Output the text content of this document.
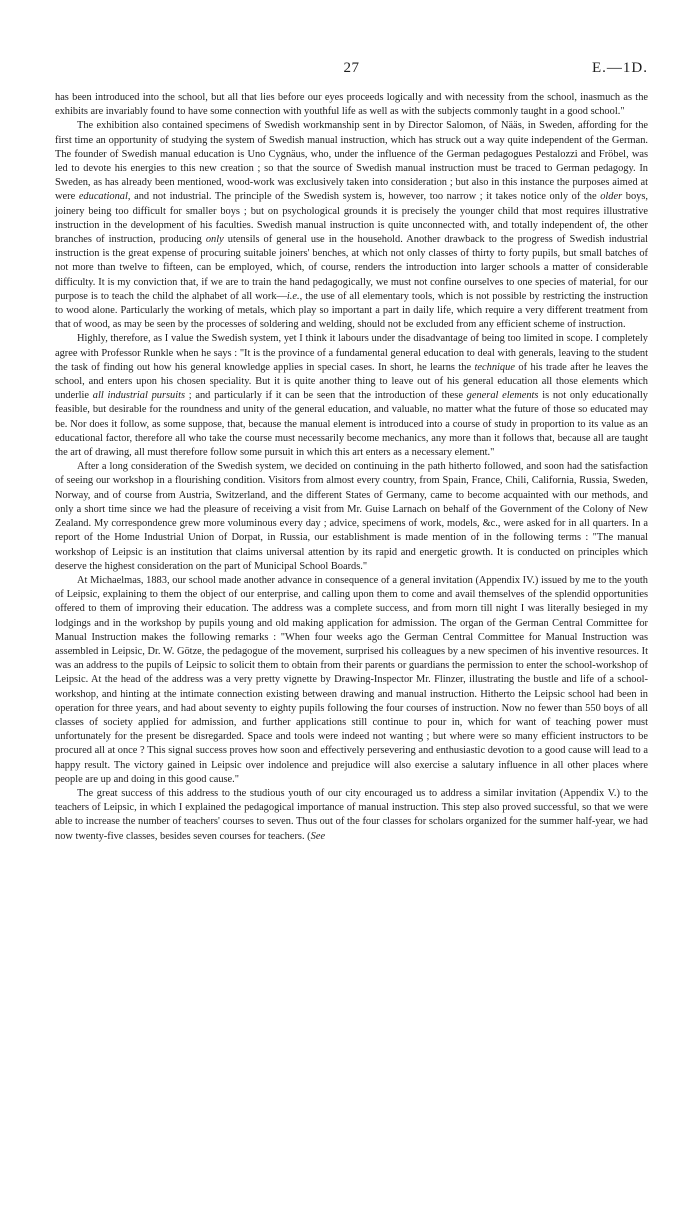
27	E.—1D.

has been introduced into the school, but all that lies before our eyes proceeds logically and with necessity from the school, inasmuch as the exhibits are invariably found to have some connection with youthful life as well as with the subjects commonly taught in a good school."

The exhibition also contained specimens of Swedish workmanship sent in by Director Salomon, of Nääs, in Sweden, affording for the first time an opportunity of studying the system of Swedish manual instruction, which has struck out a way quite independent of the German. The founder of Swedish manual education is Uno Cygnäus, who, under the influence of the German pedagogues Pestalozzi and Fröbel, was led to devote his energies to this new creation ; so that the source of Swedish manual instruction must be traced to German pedagogy. In Sweden, as has already been mentioned, wood-work was exclusively taken into consideration ; but also in this instance the purposes aimed at were educational, and not industrial. The principle of the Swedish system is, however, too narrow ; it takes notice only of the older boys, joinery being too difficult for smaller boys ; but on psychological grounds it is precisely the younger child that most requires illustrative instruction in the development of his faculties. Swedish manual instruction is quite unconnected with, and totally independent of, the other branches of instruction, producing only utensils of general use in the household. Another drawback to the progress of Swedish industrial instruction is the great expense of procuring suitable joiners' benches, at which not only classes of thirty to forty pupils, but small batches of not more than twelve to fifteen, can be employed, which, of course, renders the introduction into larger schools a matter of considerable difficulty. It is my conviction that, if we are to train the hand pedagogically, we must not confine ourselves to one species of material, for our purpose is to teach the child the alphabet of all work—i.e., the use of all elementary tools, which is not possible by restricting the instruction to wood alone. Particularly the working of metals, which play so important a part in daily life, which require a very different treatment from that of wood, as may be seen by the processes of soldering and welding, should not be excluded from any efficient scheme of instruction.

Highly, therefore, as I value the Swedish system, yet I think it labours under the disadvantage of being too limited in scope. I completely agree with Professor Runkle when he says : "It is the province of a fundamental general education to deal with generals, leaving to the student the task of finding out how his general knowledge applies in special cases. In short, he learns the technique of his trade after he leaves the school, and enters upon his chosen speciality. But it is quite another thing to leave out of his general education all those elements which underlie all industrial pursuits ; and particularly if it can be seen that the introduction of these general elements is not only educationally feasible, but desirable for the roundness and unity of the general education, and valuable, no matter what the future of those so educated may be. Nor does it follow, as some suppose, that, because the manual element is introduced into a course of study in proportion to its value as an educational factor, therefore all who take the course must necessarily become mechanics, any more than it follows that, because all are taught the art of drawing, all must therefore follow some pursuit in which this art enters as a necessary element."

After a long consideration of the Swedish system, we decided on continuing in the path hitherto followed, and soon had the satisfaction of seeing our workshop in a flourishing condition. Visitors from almost every country, from Spain, France, Chili, California, Russia, Sweden, Norway, and of course from Austria, Switzerland, and the different States of Germany, came to become acquainted with our methods, and only a short time since we had the pleasure of receiving a visit from Mr. Guise Larnach on behalf of the Government of the Colony of New Zealand. My correspondence grew more voluminous every day ; advice, specimens of work, models, &c., were asked for in all quarters. In a report of the Home Industrial Union of Dorpat, in Russia, our establishment is made mention of in the following terms : "The manual workshop of Leipsic is an institution that claims universal attention by its rapid and energetic growth. It is conducted on principles which deserve the highest consideration on the part of Municipal School Boards."

At Michaelmas, 1883, our school made another advance in consequence of a general invitation (Appendix IV.) issued by me to the youth of Leipsic, explaining to them the object of our enterprise, and calling upon them to come and avail themselves of the splendid opportunities offered to them of improving their education. The address was a complete success, and from morn till night I was literally besieged in my lodgings and in the workshop by pupils young and old making application for admission. The organ of the German Central Committee for Manual Instruction makes the following remarks : "When four weeks ago the German Central Committee for Manual Instruction was assembled in Leipsic, Dr. W. Götze, the pedagogue of the movement, surprised his colleagues by a new specimen of his inventive resources. It was an address to the pupils of Leipsic to solicit them to obtain from their parents or guardians the permission to enter the school-workshop of Leipsic. At the head of the address was a very pretty vignette by Drawing-Inspector Mr. Flinzer, illustrating the bustle and life of a school-workshop, and hinting at the intimate connection existing between drawing and manual instruction. Hitherto the Leipsic school had been in operation for three years, and had about seventy to eighty pupils following the four courses of instruction. Now no fewer than 550 boys of all classes of society applied for admission, and further applications still continue to pour in, which for want of teaching power must unfortunately for the present be disregarded. Space and tools were indeed not wanting ; but where were so many efficient instructors to be procured all at once ? This signal success proves how soon and effectively persevering and enthusiastic devotion to a good cause will lead to a happy result. The victory gained in Leipsic over indolence and prejudice will also exercise a salutary influence in all other places where people are up and doing in this good cause."

The great success of this address to the studious youth of our city encouraged us to address a similar invitation (Appendix V.) to the teachers of Leipsic, in which I explained the pedagogical importance of manual instruction. This step also proved successful, so that we were able to increase the number of teachers' courses to seven. Thus out of the four classes for scholars organized for the summer half-year, we had now twenty-five classes, besides seven courses for teachers. (See
